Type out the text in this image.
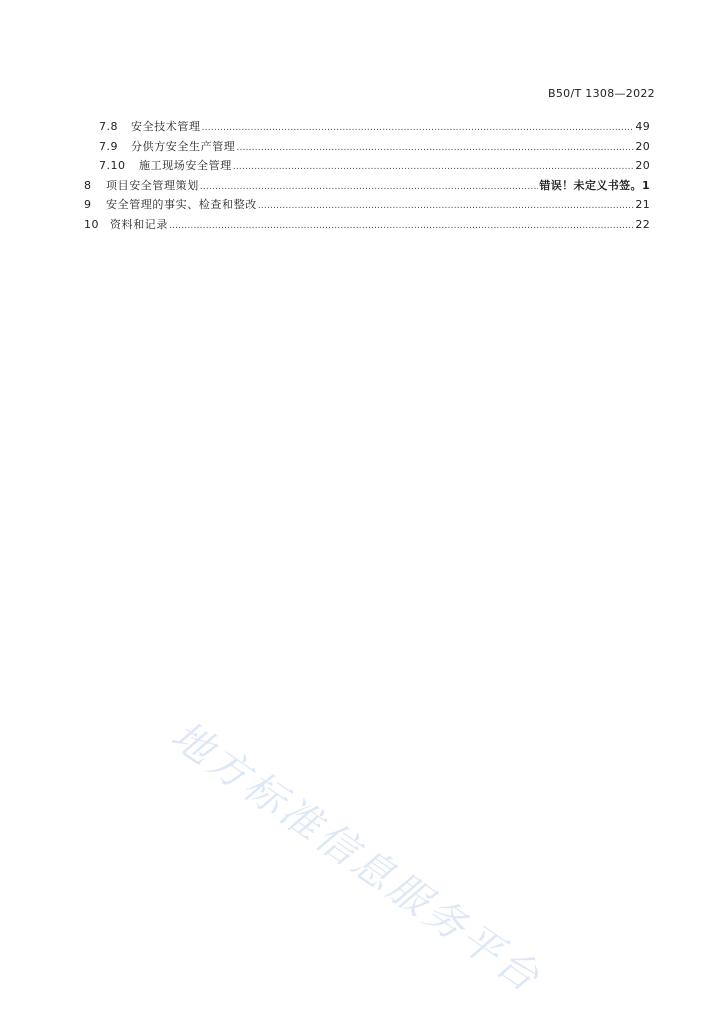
B50/T 1308—2022
7.8	安全技术管理 .....	49
7.9	分供方安全生产管理 .....	20
7.10	施工现场安全管理 .....	20
8	项目安全管理策划 .....	错误！未定义书签。1
9	安全管理的事实、检查和整改 .....	21
10	资料和记录 .....	22
地方标准信息服务平台
